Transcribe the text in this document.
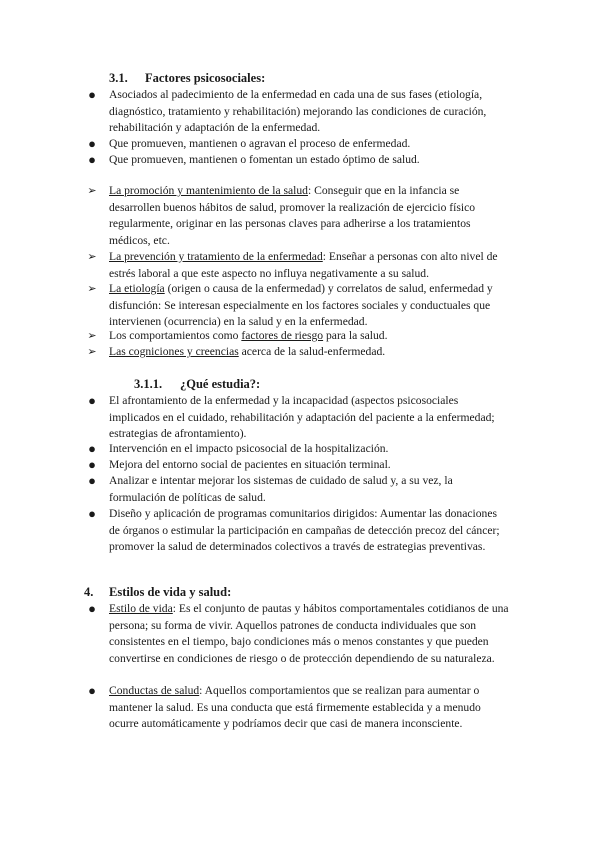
3.1. Factores psicosociales:
● Asociados al padecimiento de la enfermedad en cada una de sus fases (etiología,
diagnóstico, tratamiento y rehabilitación) mejorando las condiciones de curación,
rehabilitación y adaptación de la enfermedad.
● Que promueven, mantienen o agravan el proceso de enfermedad.
● Que promueven, mantienen o fomentan un estado óptimo de salud.
➢ La promoción y mantenimiento de la salud: Conseguir que en la infancia se
desarrollen buenos hábitos de salud, promover la realización de ejercicio físico
regularmente, originar en las personas claves para adherirse a los tratamientos
médicos, etc.
➢ La prevención y tratamiento de la enfermedad: Enseñar a personas con alto nivel de
estrés laboral a que este aspecto no influya negativamente a su salud.
➢ La etiología (origen o causa de la enfermedad) y correlatos de salud, enfermedad y
disfunción: Se interesan especialmente en los factores sociales y conductuales que
intervienen (ocurrencia) en la salud y en la enfermedad.
➢ Los comportamientos como factores de riesgo para la salud.
➢ Las cogniciones y creencias acerca de la salud-enfermedad.
3.1.1. ¿Qué estudia?:
● El afrontamiento de la enfermedad y la incapacidad (aspectos psicosociales
implicados en el cuidado, rehabilitación y adaptación del paciente a la enfermedad;
estrategias de afrontamiento).
● Intervención en el impacto psicosocial de la hospitalización.
● Mejora del entorno social de pacientes en situación terminal.
● Analizar e intentar mejorar los sistemas de cuidado de salud y, a su vez, la
formulación de políticas de salud.
● Diseño y aplicación de programas comunitarios dirigidos: Aumentar las donaciones
de órganos o estimular la participación en campañas de detección precoz del cáncer;
promover la salud de determinados colectivos a través de estrategias preventivas.
4. Estilos de vida y salud:
● Estilo de vida: Es el conjunto de pautas y hábitos comportamentales cotidianos de una
persona; su forma de vivir. Aquellos patrones de conducta individuales que son
consistentes en el tiempo, bajo condiciones más o menos constantes y que pueden
convertirse en condiciones de riesgo o de protección dependiendo de su naturaleza.
● Conductas de salud: Aquellos comportamientos que se realizan para aumentar o
mantener la salud. Es una conducta que está firmemente establecida y a menudo
ocurre automáticamente y podríamos decir que casi de manera inconsciente.
